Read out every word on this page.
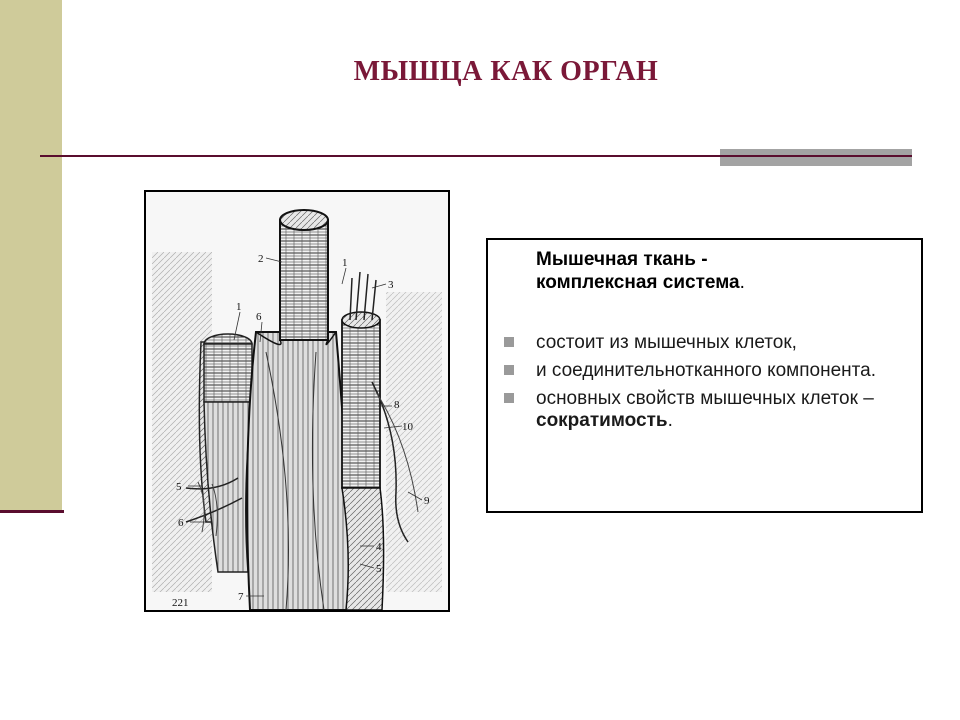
МЫШЦА КАК ОРГАН
2
1
3
6
1
8
10
5
9
6
4
5
7
221
Мышечная ткань -
комплексная система.
состоит из мышечных клеток,
и соединительнотканного компонента.
основных свойств мышечных клеток – сократимость.
